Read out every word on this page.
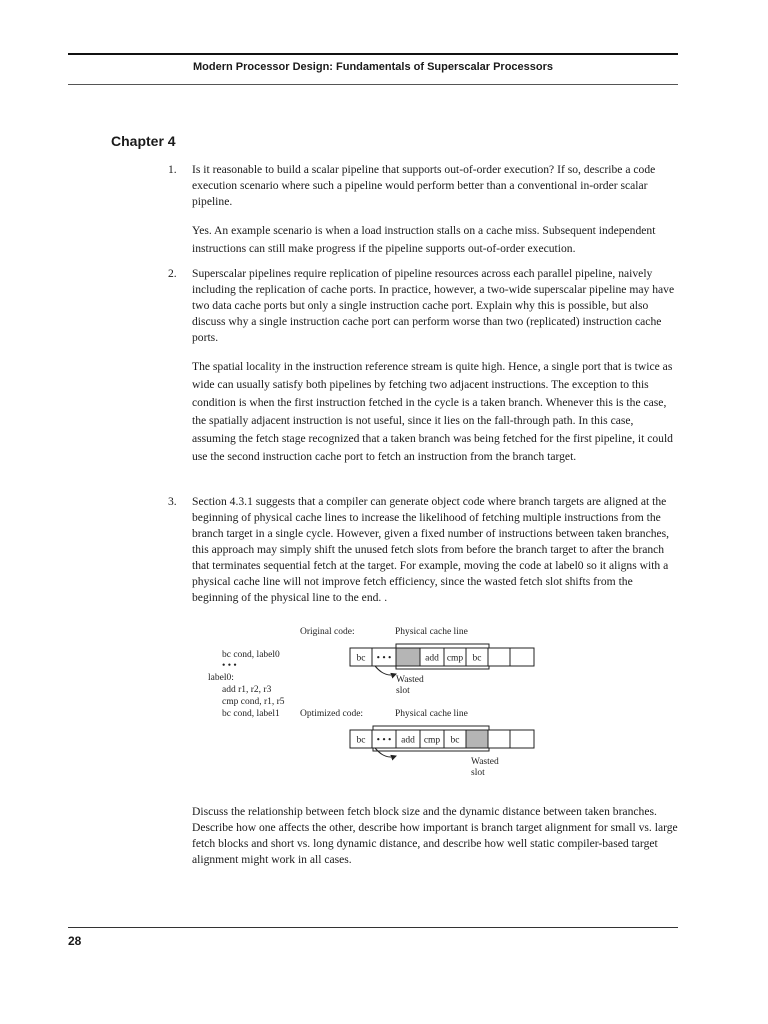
Modern Processor Design: Fundamentals of Superscalar Processors
Chapter 4
1. Is it reasonable to build a scalar pipeline that supports out-of-order execution? If so, describe a code execution scenario where such a pipeline would perform better than a conventional in-order scalar pipeline.

Yes. An example scenario is when a load instruction stalls on a cache miss. Subsequent independent instructions can still make progress if the pipeline supports out-of-order execution.

2. Superscalar pipelines require replication of pipeline resources across each parallel pipeline, naively including the replication of cache ports. In practice, however, a two-wide superscalar pipeline may have two data cache ports but only a single instruction cache port. Explain why this is possible, but also discuss why a single instruction cache port can perform worse than two (replicated) instruction cache ports.

The spatial locality in the instruction reference stream is quite high. Hence, a single port that is twice as wide can usually satisfy both pipelines by fetching two adjacent instructions. The exception to this condition is when the first instruction fetched in the cycle is a taken branch. Whenever this is the case, the spatially adjacent instruction is not useful, since it lies on the fall-through path. In this case, assuming the fetch stage recognized that a taken branch was being fetched for the first pipeline, it could use the second instruction cache port to fetch an instruction from the branch target.

3. Section 4.3.1 suggests that a compiler can generate object code where branch targets are aligned at the beginning of physical cache lines to increase the likelihood of fetching multiple instructions from the branch target in a single cycle. However, given a fixed number of instructions between taken branches, this approach may simply shift the unused fetch slots from before the branch target to after the branch that terminates sequential fetch at the target. For example, moving the code at label0 so it aligns with a physical cache line will not improve fetch efficiency, since the wasted fetch slot shifts from the beginning of the physical line to the end. .

Original code:	Physical cache line
bc cond, label0
• • •
label0:
add r1, r2, r3
cmp cond, r1, r5
bc cond, label1
bc • • •	add cmp bc
Wasted
slot
Optimized code:	Physical cache line
bc • • • add cmp bc
Wasted
slot

Discuss the relationship between fetch block size and the dynamic distance between taken branches. Describe how one affects the other, describe how important is branch target alignment for small vs. large fetch blocks and short vs. long dynamic distance, and describe how well static compiler-based target alignment might work in all cases.

28
